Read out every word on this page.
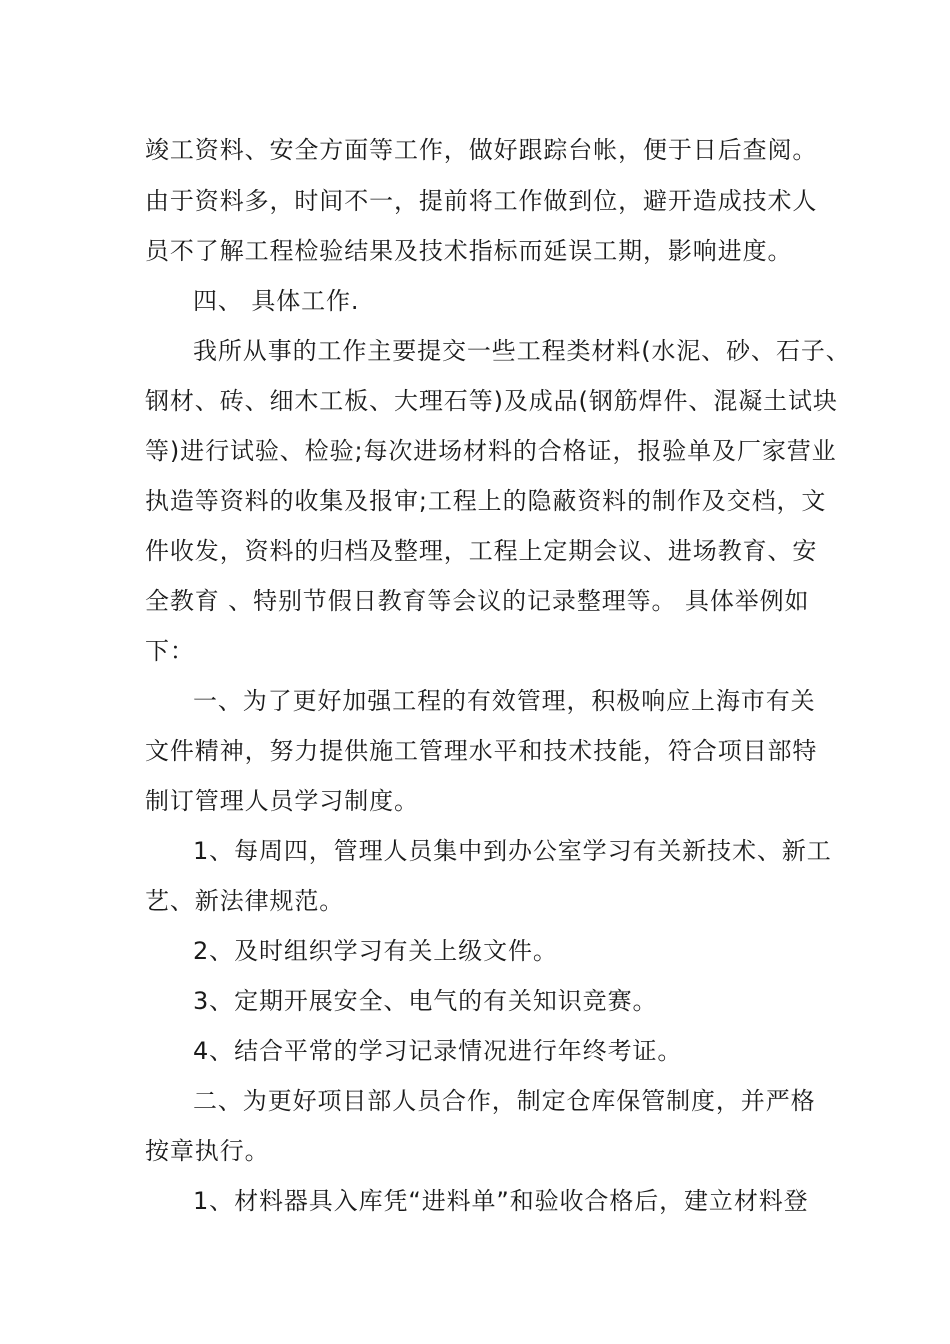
竣工资料、安全方面等工作，做好跟踪台帐，便于日后查阅。
由于资料多，时间不一，提前将工作做到位，避开造成技术人
员不了解工程检验结果及技术指标而延误工期，影响进度。
四、 具体工作.
我所从事的工作主要提交一些工程类材料(水泥、砂、石子、
钢材、砖、细木工板、大理石等)及成品(钢筋焊件、混凝土试块
等)进行试验、检验;每次进场材料的合格证，报验单及厂家营业
执造等资料的收集及报审;工程上的隐蔽资料的制作及交档，文
件收发，资料的归档及整理，工程上定期会议、进场教育、安
全教育 、特别节假日教育等会议的记录整理等。 具体举例如
下：
一、为了更好加强工程的有效管理，积极响应上海市有关
文件精神，努力提供施工管理水平和技术技能，符合项目部特
制订管理人员学习制度。
1、每周四，管理人员集中到办公室学习有关新技术、新工
艺、新法律规范。
2、及时组织学习有关上级文件。
3、定期开展安全、电气的有关知识竞赛。
4、结合平常的学习记录情况进行年终考证。
二、为更好项目部人员合作，制定仓库保管制度，并严格
按章执行。
1、材料器具入库凭“进料单”和验收合格后，建立材料登
